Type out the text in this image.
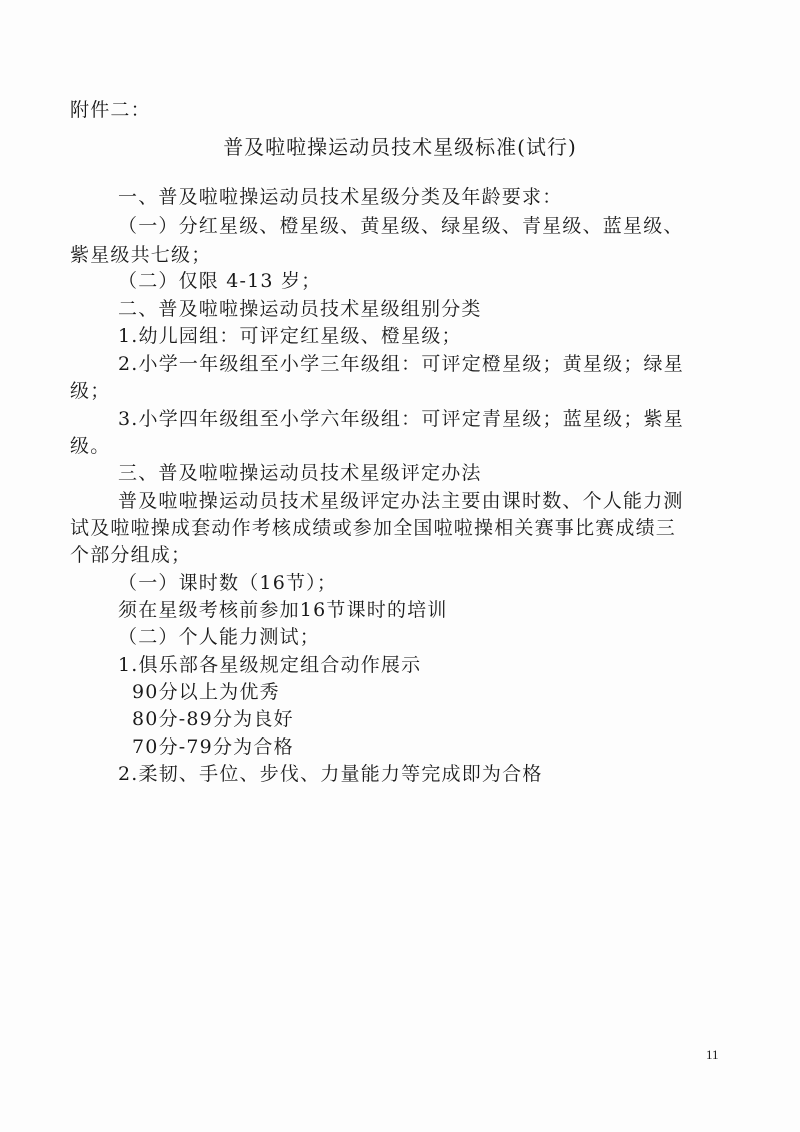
附件二：
普及啦啦操运动员技术星级标准(试行)
一、普及啦啦操运动员技术星级分类及年龄要求：
（一）分红星级、橙星级、黄星级、绿星级、青星级、蓝星级、
紫星级共七级；
（二）仅限 4-13 岁；
二、普及啦啦操运动员技术星级组别分类
1.幼儿园组：可评定红星级、橙星级；
2.小学一年级组至小学三年级组：可评定橙星级；黄星级；绿星
级；
3.小学四年级组至小学六年级组：可评定青星级；蓝星级；紫星
级。
三、普及啦啦操运动员技术星级评定办法
普及啦啦操运动员技术星级评定办法主要由课时数、个人能力测
试及啦啦操成套动作考核成绩或参加全国啦啦操相关赛事比赛成绩三
个部分组成；
（一）课时数（16节）；
须在星级考核前参加16节课时的培训
（二）个人能力测试；
1.俱乐部各星级规定组合动作展示
90分以上为优秀
80分-89分为良好
70分-79分为合格
2.柔韧、手位、步伐、力量能力等完成即为合格
11
